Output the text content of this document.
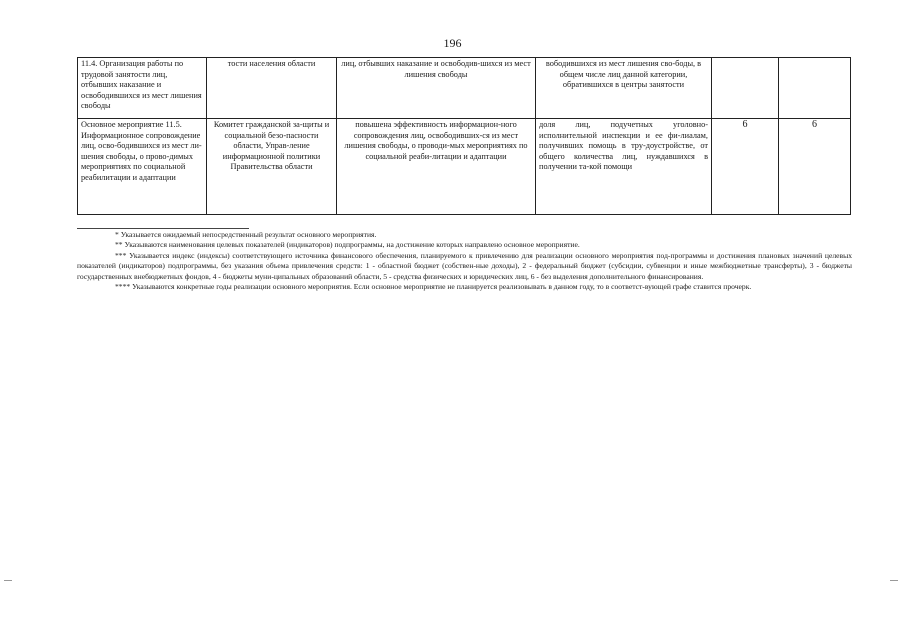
196
11.4. Организация работы по трудовой занятости лиц, отбывших наказание и освободившихся из мест лишения свободы	тости населения области	лиц, отбывших наказание и освободив-шихся из мест лишения свободы	вободившихся из мест лишения сво-боды, в общем числе лиц данной категории, обратившихся в центры занятости		
Основное мероприятие 11.5. Информационное сопровождение лиц, осво-бодившихся из мест ли-шения свободы, о прово-димых мероприятиях по социальной реабилитации и адаптации	Комитет гражданской за-щиты и социальной безо-пасности области, Управ-ление информационной политики Правительства области	повышена эффективность информацион-ного сопровождения лиц, освободивших-ся из мест лишения свободы, о проводи-мых мероприятиях по социальной реаби-литации и адаптации	доля лиц, подучетных уголовно-исполнительной инспекции и ее фи-лиалам, получивших помощь в тру-доустройстве, от общего количества лиц, нуждавшихся в получении та-кой помощи	6	6

* Указывается ожидаемый непосредственный результат основного мероприятия.

** Указываются наименования целевых показателей (индикаторов) подпрограммы, на достижение которых направлено основное мероприятие.

*** Указывается индекс (индексы) соответствующего источника финансового обеспечения, планируемого к привлечению для реализации основного мероприятия под-программы и достижения плановых значений целевых показателей (индикаторов) подпрограммы, без указания объема привлечения средств: 1 - областной бюджет (собствен-ные доходы), 2 - федеральный бюджет (субсидии, субвенции и иные межбюджетные трансферты), 3 - бюджеты государственных внебюджетных фондов, 4 - бюджеты муни-ципальных образований области, 5 - средства физических и юридических лиц, 6 - без выделения дополнительного финансирования.

**** Указываются конкретные годы реализации основного мероприятия. Если основное мероприятие не планируется реализовывать в данном году, то в соответст-вующей графе ставится прочерк.
